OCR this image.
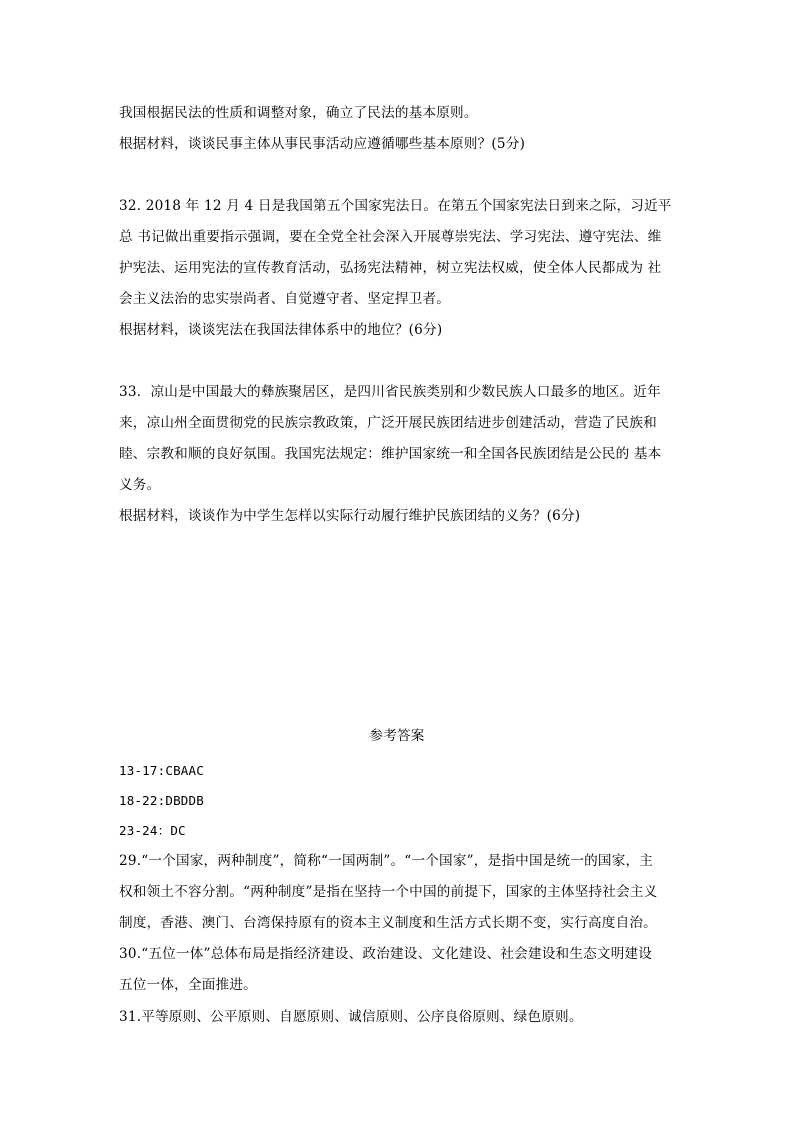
我国根据民法的性质和调整对象，确立了民法的基本原则。
根据材料，谈谈民事主体从事民事活动应遵循哪些基本原则？(5分)
32. 2018 年 12 月 4 日是我国第五个国家宪法日。在第五个国家宪法日到来之际，习近平
总 书记做出重要指示强调，要在全党全社会深入开展尊崇宪法、学习宪法、遵守宪法、维
护宪法、运用宪法的宣传教育活动，弘扬宪法精神，树立宪法权威，使全体人民都成为 社
会主义法治的忠实崇尚者、自觉遵守者、坚定捍卫者。
根据材料，谈谈宪法在我国法律体系中的地位？(6分)
33．凉山是中国最大的彝族聚居区，是四川省民族类别和少数民族人口最多的地区。近年
来，凉山州全面贯彻党的民族宗教政策，广泛开展民族团结进步创建活动，营造了民族和
睦、宗教和顺的良好氛围。我国宪法规定：维护国家统一和全国各民族团结是公民的 基本
义务。
根据材料，谈谈作为中学生怎样以实际行动履行维护民族团结的义务？(6分)
参考答案
13-17:CBAAC
18-22:DBDDB
23-24：DC
29.“一个国家，两种制度”，简称“一国两制”。“一个国家”，是指中国是统一的国家，主
权和领土不容分割。“两种制度”是指在坚持一个中国的前提下，国家的主体坚持社会主义
制度，香港、澳门、台湾保持原有的资本主义制度和生活方式长期不变，实行高度自治。
30.“五位一体”总体布局是指经济建设、政治建设、文化建设、社会建设和生态文明建设
五位一体，全面推进。
31.平等原则、公平原则、自愿原则、诚信原则、公序良俗原则、绿色原则。
